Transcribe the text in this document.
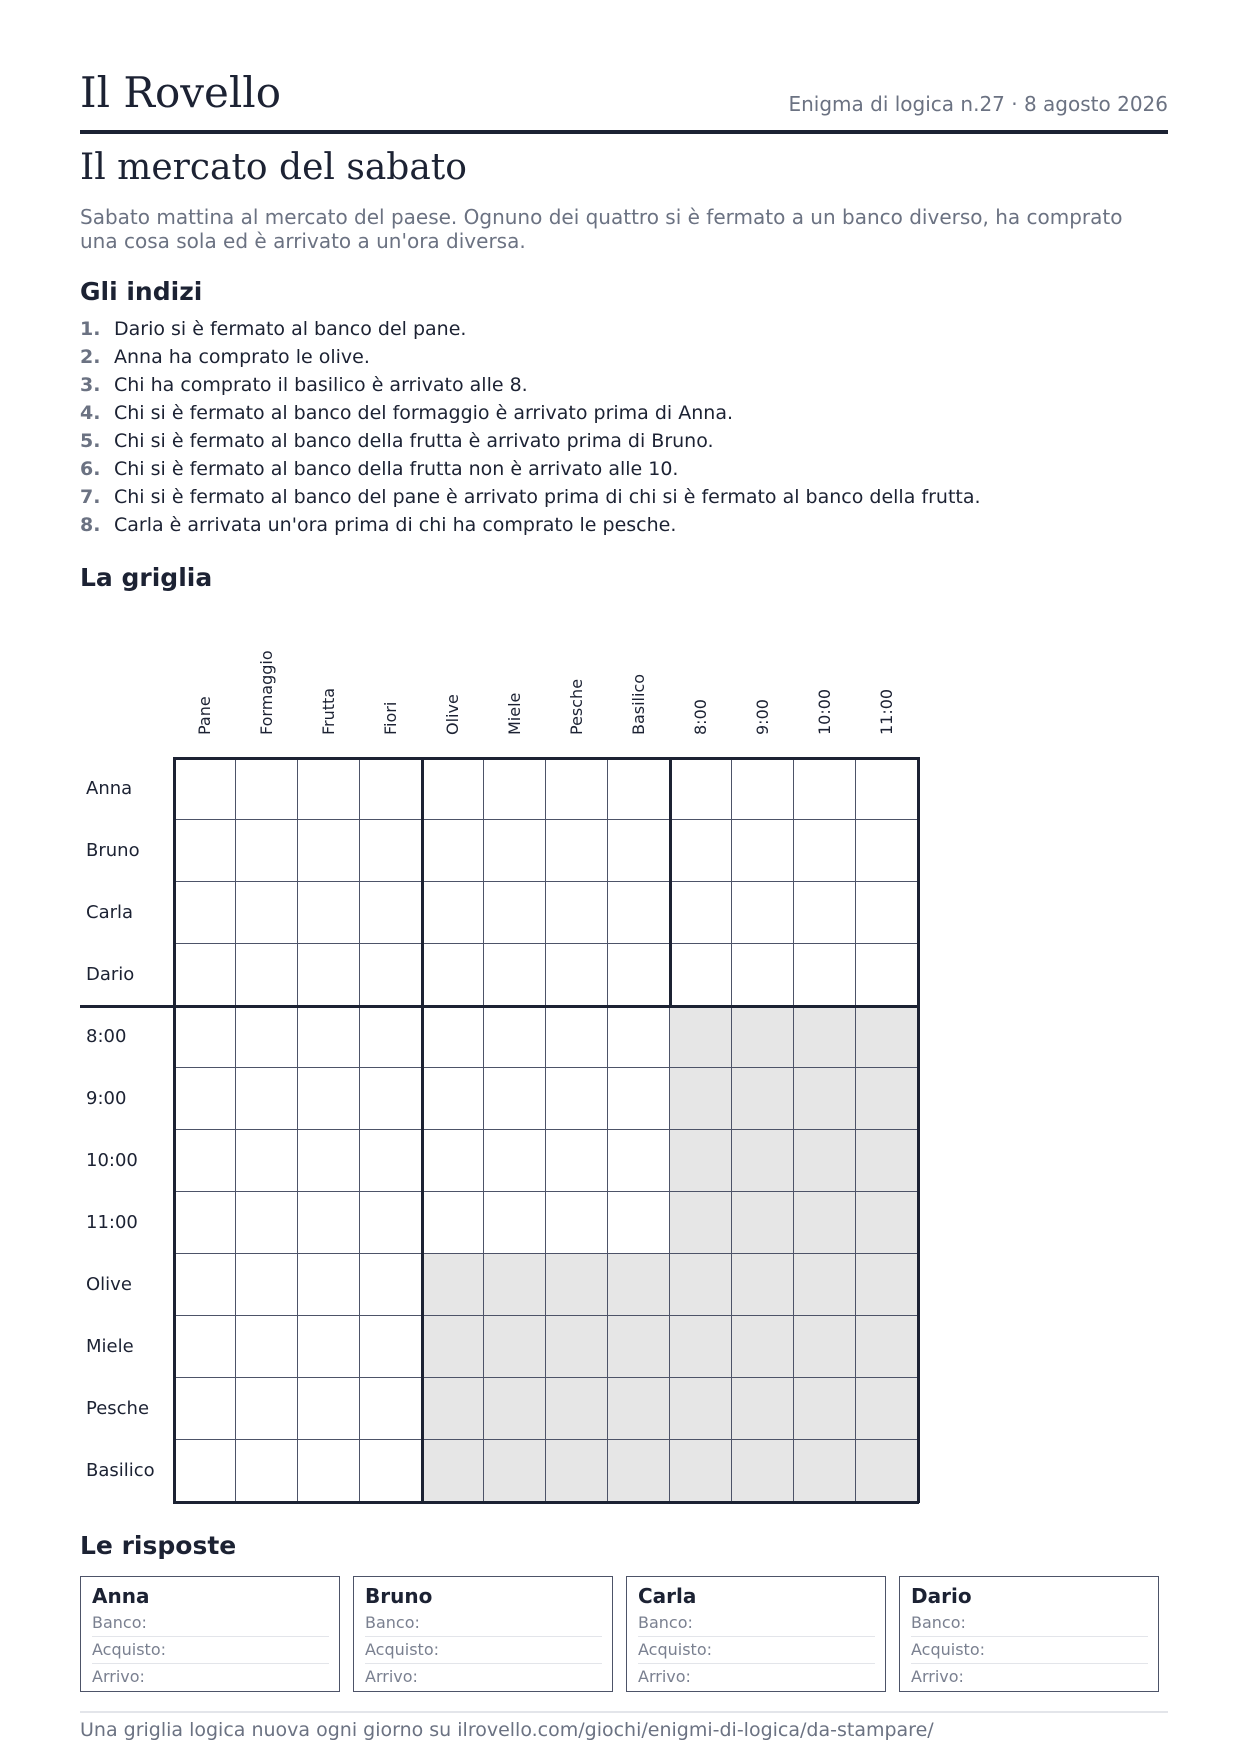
Il Rovello	Enigma di logica n.27 · 8 agosto 2026
Il mercato del sabato

Sabato mattina al mercato del paese. Ognuno dei quattro si è fermato a un banco diverso, ha comprato una cosa sola ed è arrivato a un'ora diversa.

Gli indizi
1. Dario si è fermato al banco del pane.
2. Anna ha comprato le olive.
3. Chi ha comprato il basilico è arrivato alle 8.
4. Chi si è fermato al banco del formaggio è arrivato prima di Anna.
5. Chi si è fermato al banco della frutta è arrivato prima di Bruno.
6. Chi si è fermato al banco della frutta non è arrivato alle 10.
7. Chi si è fermato al banco del pane è arrivato prima di chi si è fermato al banco della frutta.
8. Carla è arrivata un'ora prima di chi ha comprato le pesche.
La griglia
Pane	Formaggio	Frutta	Fiori	Olive	Miele	Pesche	Basilico	8:00	9:00	10:00	11:00
Anna
Bruno
Carla
Dario
8:00
9:00
10:00
11:00
Olive
Miele
Pesche
Basilico
Le risposte
Anna
Banco:
Acquisto:
Arrivo:
Bruno
Banco:
Acquisto:
Arrivo:
Carla
Banco:
Acquisto:
Arrivo:
Dario
Banco:
Acquisto:
Arrivo:
Una griglia logica nuova ogni giorno su ilrovello.com/giochi/enigmi-di-logica/da-stampare/
